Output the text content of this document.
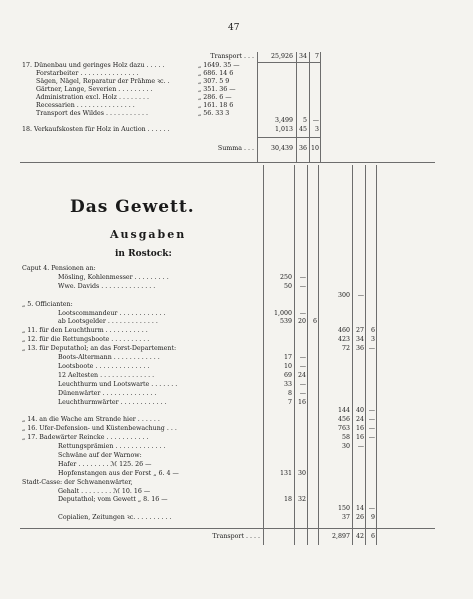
47
Transport . . .	25,926 34	7
17. Dünenbau und geringes Holz dazu . . . . .	„ 1649. 35 —
Forstarbeiter . . . . . . . . . . . . . . .	„ 686. 14 6
Sägen, Nägel, Reparatur der Prähme ꝛc. .	„ 307. 5 9
Gärtner, Lange, Severien . . . . . . . . .	„ 351. 36 —
Administration excl. Holz . . . . . . . .	„ 286. 6 —
Recessarien . . . . . . . . . . . . . . .	„ 161. 18 6
Transport des Wildes . . . . . . . . . . .	„ 56. 33 3
3,499	5 —
18. Verkaufskosten für Holz in Auction . . . . . .	1,013 45	3
Summa . . .	30,439 36 10
Das Gewett.
Ausgaben
in Rostock:
Caput 4. Pensionen an:
Mösling, Kohlenmesser . . . . . . . . .	250	—
Wwe. Davids . . . . . . . . . . . . . .	50	—
300	—
„ 5. Officianten:
Lootscommandeur . . . . . . . . . . . .	1,000	—
ab Lootsgelder . . . . . . . . . . . . .	539 20	6
„ 11. für den Leuchthurm . . . . . . . . . . .	460 27	6
„ 12. für die Rettungsboote . . . . . . . . . .	423 34	3
„ 13. für Deputathol; an das Forst-Departement:	72 36 —
Boots-Altermann . . . . . . . . . . . .	17	—
Lootsboote . . . . . . . . . . . . . .	10	—
12 Aeltesten . . . . . . . . . . . . . .	69 24
Leuchthurm und Lootswarte . . . . . . .	33	—
Dünenwärter . . . . . . . . . . . . . .	8	—
Leuchthurmwärter . . . . . . . . . . . .	7 16
144 40 —
„ 14. an die Wache am Strande hier . . . . . .	456 24 —
„ 16. Ufer-Defension- und Küstenbewachung . . .	763 16 —
„ 17. Badewärter Reincke . . . . . . . . . . .	58 16 —
Rettungsprämien . . . . . . . . . . . . .	30	—
Schwäne auf der Warnow:
Hafer . . . . . . . . ℳ 125. 26 —
Hopfenstangen aus der Forst „ 6. 4 —	131 30
Stadt-Casse: der Schwanenwärter,
Gehalt . . . . . . . . ℳ 10. 16 —
Deputathol; vom Gewett „ 8. 16 —	18 32
150 14 —
Copialien, Zeitungen ꝛc. . . . . . . . . .	37 26	9
Transport . . . .	2,897 42	6
